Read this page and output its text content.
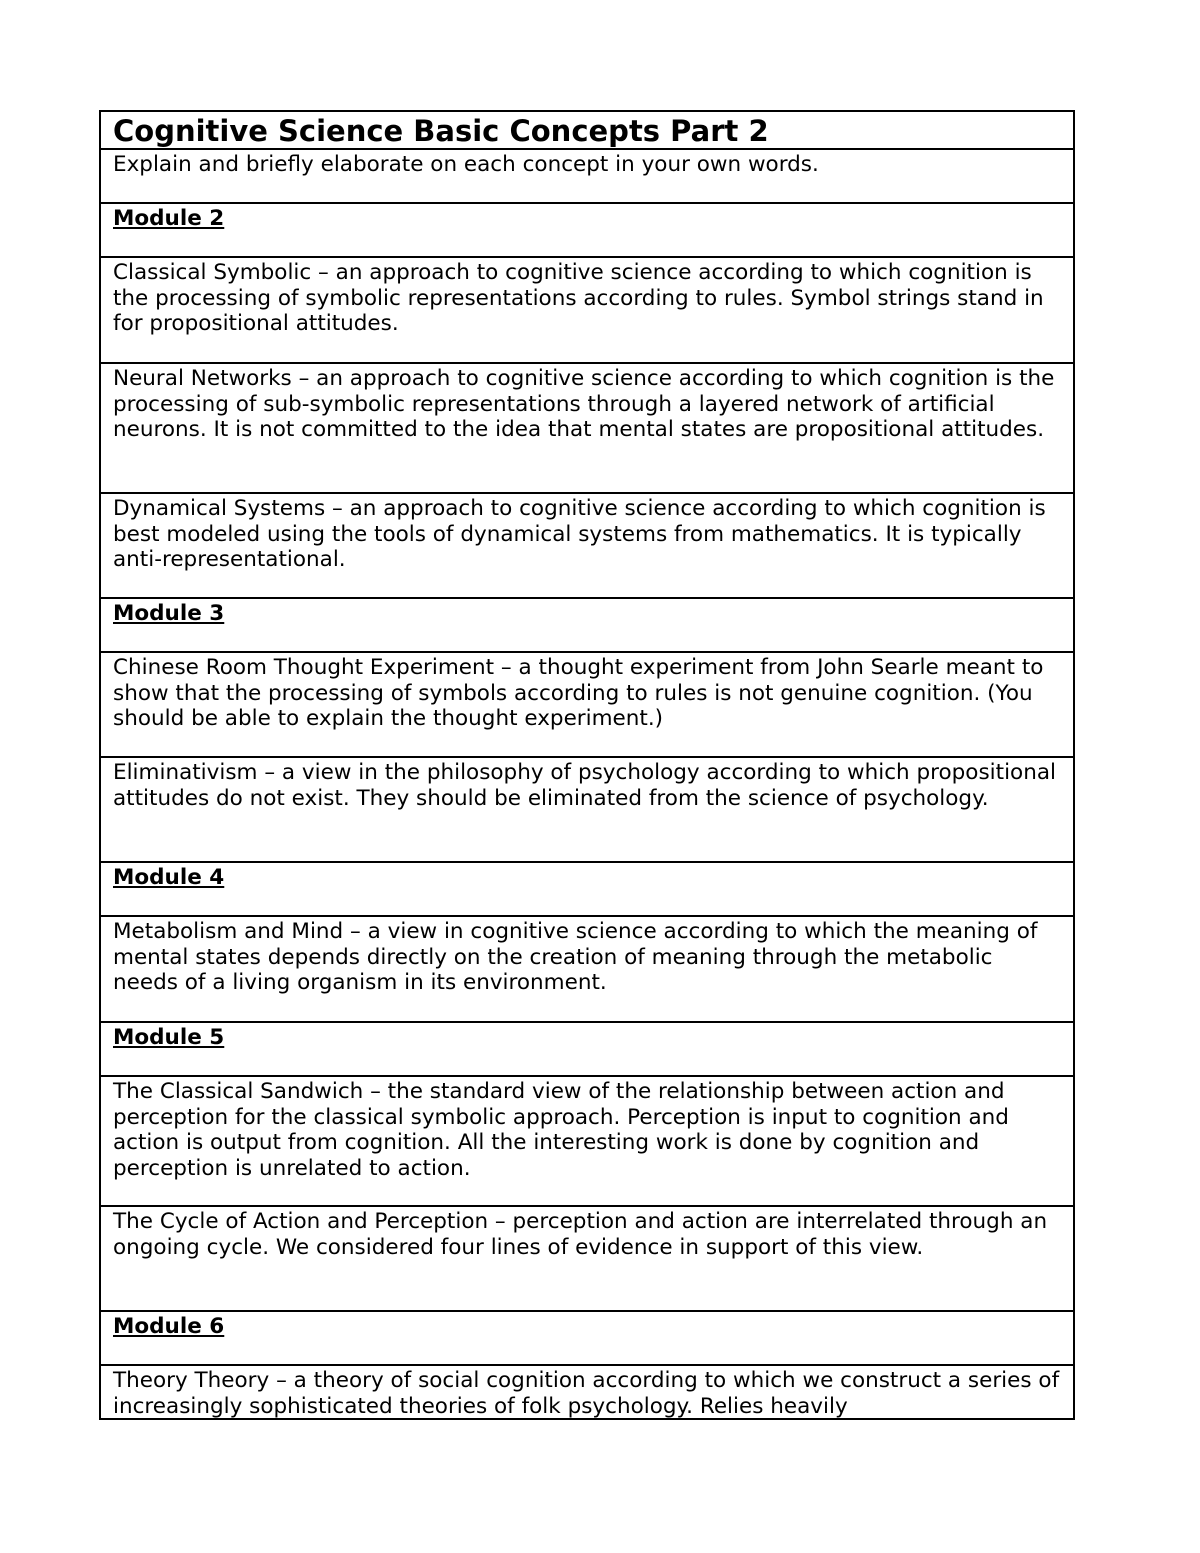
Cognitive Science Basic Concepts Part 2
Explain and briefly elaborate on each concept in your own words.
Module 2
Classical Symbolic – an approach to cognitive science according to which cognition is the processing of symbolic representations according to rules. Symbol strings stand in for propositional attitudes.
Neural Networks – an approach to cognitive science according to which cognition is the processing of sub-symbolic representations through a layered network of artificial neurons. It is not committed to the idea that mental states are propositional attitudes.
Dynamical Systems – an approach to cognitive science according to which cognition is best modeled using the tools of dynamical systems from mathematics. It is typically anti-representational.
Module 3
Chinese Room Thought Experiment – a thought experiment from John Searle meant to show that the processing of symbols according to rules is not genuine cognition. (You should be able to explain the thought experiment.)
Eliminativism – a view in the philosophy of psychology according to which propositional attitudes do not exist. They should be eliminated from the science of psychology.
Module 4
Metabolism and Mind – a view in cognitive science according to which the meaning of mental states depends directly on the creation of meaning through the metabolic needs of a living organism in its environment.
Module 5
The Classical Sandwich – the standard view of the relationship between action and perception for the classical symbolic approach. Perception is input to cognition and action is output from cognition. All the interesting work is done by cognition and perception is unrelated to action.
The Cycle of Action and Perception – perception and action are interrelated through an ongoing cycle. We considered four lines of evidence in support of this view.
Module 6
Theory Theory – a theory of social cognition according to which we construct a series of increasingly sophisticated theories of folk psychology. Relies heavily
